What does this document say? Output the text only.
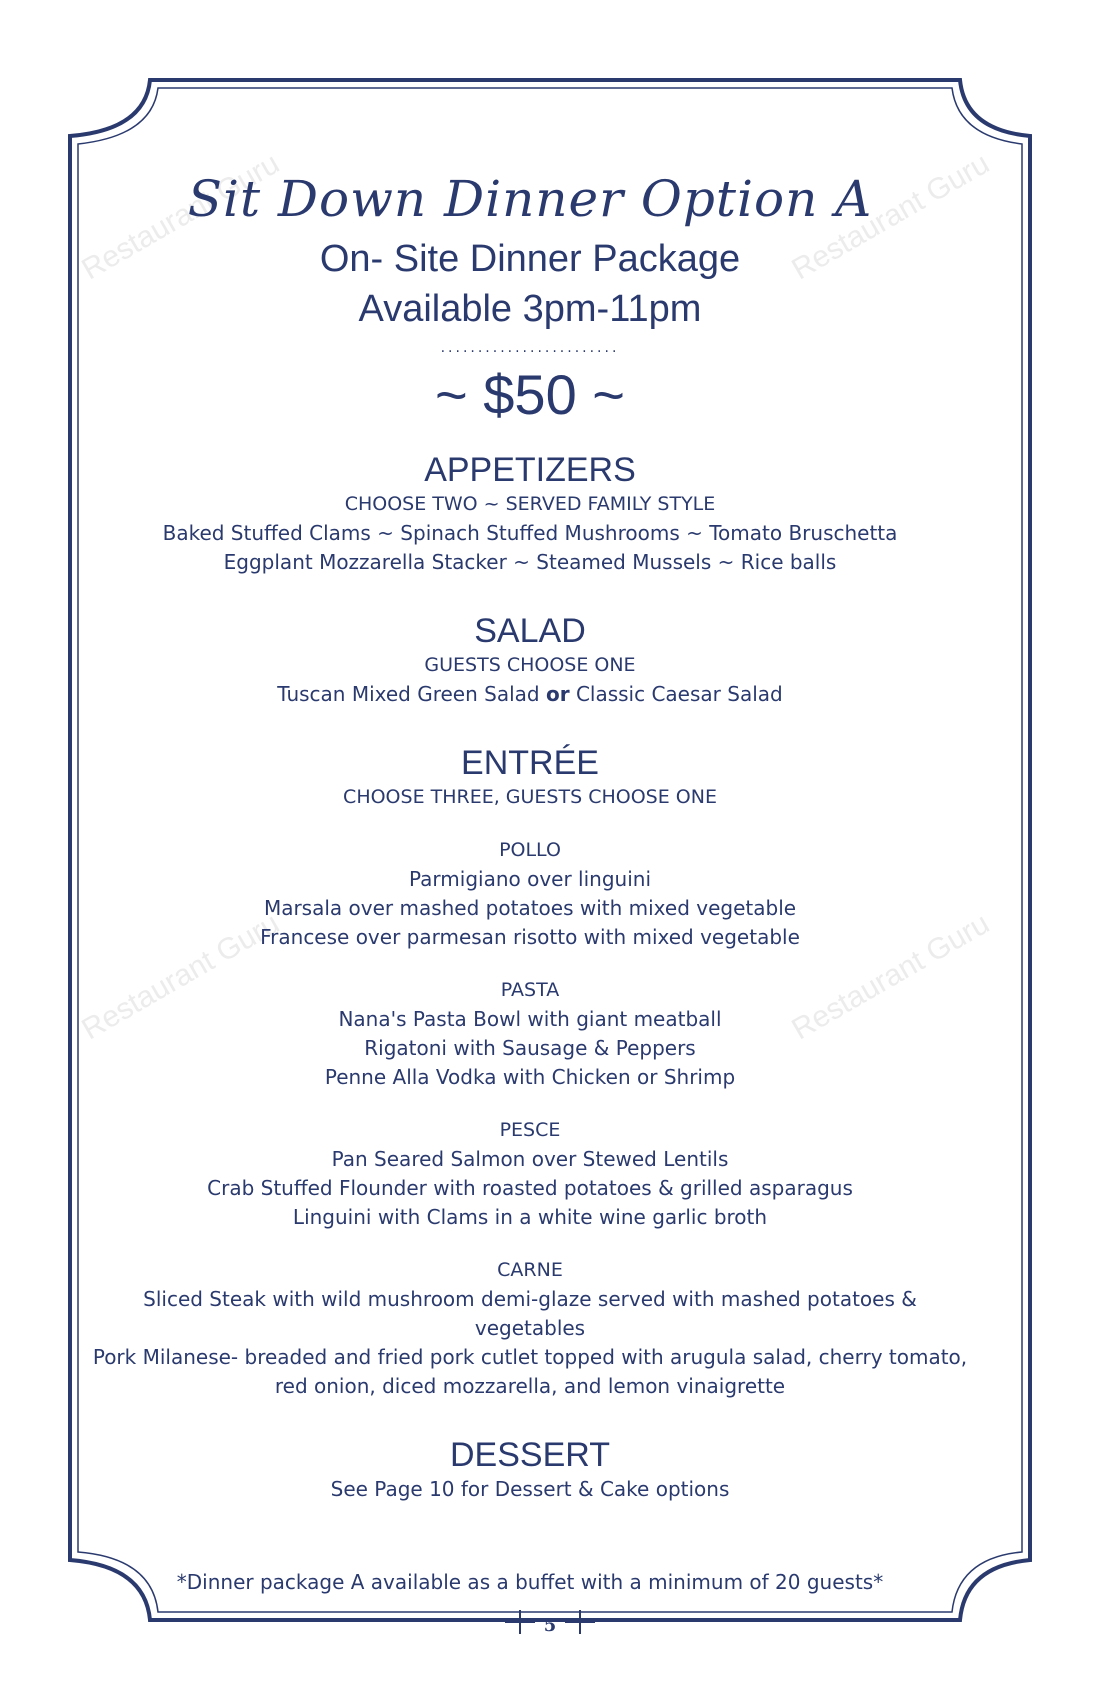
Restaurant Guru	Restaurant Guru
Restaurant Guru	Restaurant Guru
Sit Down Dinner Option A
On- Site Dinner Package
Available 3pm-11pm
........................
~ $50 ~
APPETIZERS
CHOOSE TWO ~ SERVED FAMILY STYLE
Baked Stuffed Clams ~ Spinach Stuffed Mushrooms ~ Tomato Bruschetta
Eggplant Mozzarella Stacker ~ Steamed Mussels ~ Rice balls
SALAD
GUESTS CHOOSE ONE
Tuscan Mixed Green Salad or Classic Caesar Salad
ENTRÉE
CHOOSE THREE, GUESTS CHOOSE ONE
POLLO
Parmigiano over linguini
Marsala over mashed potatoes with mixed vegetable
Francese over parmesan risotto with mixed vegetable
PASTA
Nana's Pasta Bowl with giant meatball
Rigatoni with Sausage & Peppers
Penne Alla Vodka with Chicken or Shrimp
PESCE
Pan Seared Salmon over Stewed Lentils
Crab Stuffed Flounder with roasted potatoes & grilled asparagus
Linguini with Clams in a white wine garlic broth
CARNE
Sliced Steak with wild mushroom demi-glaze served with mashed potatoes & vegetables
Pork Milanese- breaded and fried pork cutlet topped with arugula salad, cherry tomato,
red onion, diced mozzarella, and lemon vinaigrette
DESSERT
See Page 10 for Dessert & Cake options
*Dinner package A available as a buffet with a minimum of 20 guests*
5
